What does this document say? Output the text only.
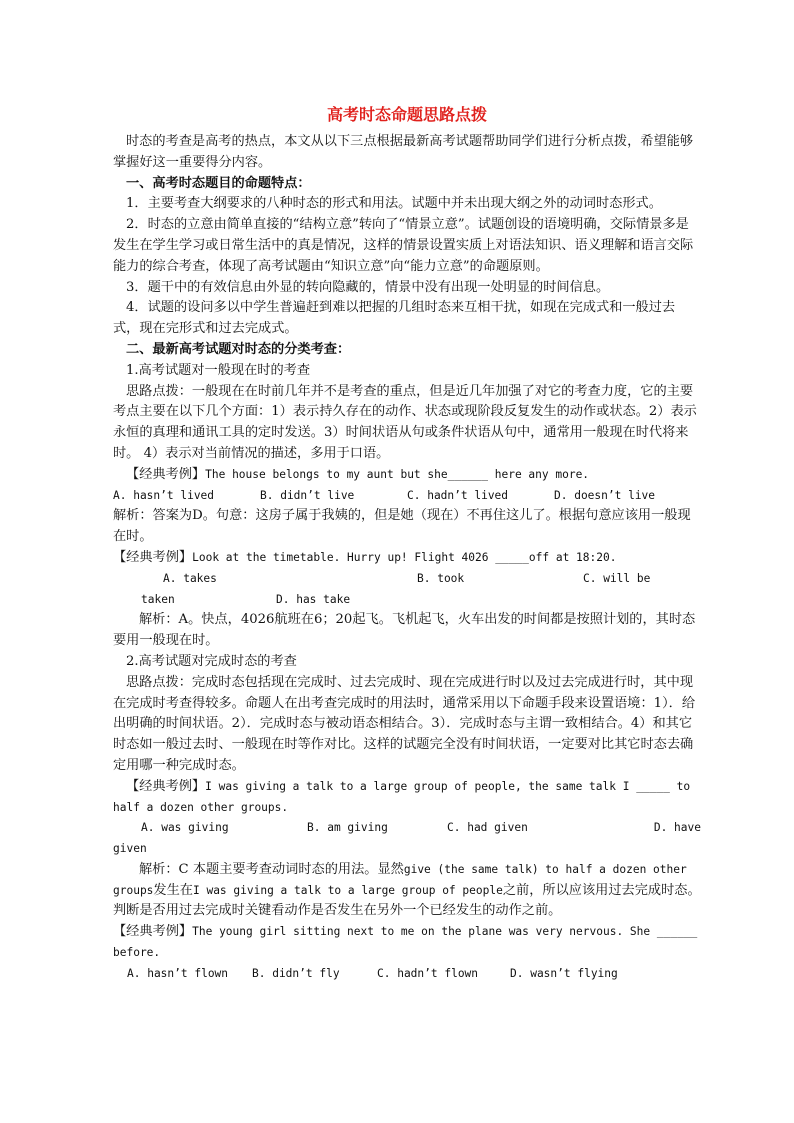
高考时态命题思路点拨

时态的考查是高考的热点，本文从以下三点根据最新高考试题帮助同学们进行分析点拨，希望能够掌握好这一重要得分内容。

一、高考时态题目的命题特点：

1．主要考查大纲要求的八种时态的形式和用法。试题中并未出现大纲之外的动词时态形式。

2．时态的立意由简单直接的“结构立意”转向了“情景立意”。试题创设的语境明确，交际情景多是发生在学生学习或日常生活中的真是情况，这样的情景设置实质上对语法知识、语义理解和语言交际能力的综合考查，体现了高考试题由“知识立意”向“能力立意”的命题原则。

3．题干中的有效信息由外显的转向隐藏的，情景中没有出现一处明显的时间信息。

4．试题的设问多以中学生普遍赶到难以把握的几组时态来互相干扰，如现在完成式和一般过去式，现在完形式和过去完成式。

二、最新高考试题对时态的分类考查：

1.高考试题对一般现在时的考查

思路点拨：一般现在在时前几年并不是考查的重点，但是近几年加强了对它的考查力度，它的主要考点主要在以下几个方面：1）表示持久存在的动作、状态或现阶段反复发生的动作或状态。2）表示永恒的真理和通讯工具的定时发送。3）时间状语从句或条件状语从句中，通常用一般现在时代将来时。 4）表示对当前情况的描述，多用于口语。

【经典考例】The house belongs to my aunt but she______ here any more.

A. hasn’t lived	B. didn’t live	C. hadn’t lived	D. doesn’t live

解析：答案为D。句意：这房子属于我姨的，但是她（现在）不再住这儿了。根据句意应该用一般现在时。

【经典考例】Look at the timetable. Hurry up! Flight 4026 _____off at 18:20.

A. takes	B. took	C. will be
taken	D. has take

解析：A。快点，4026航班在6；20起飞。飞机起飞，火车出发的时间都是按照计划的，其时态要用一般现在时。

2.高考试题对完成时态的考查

思路点拨：完成时态包括现在完成时、过去完成时、现在完成进行时以及过去完成进行时，其中现在完成时考查得较多。命题人在出考查完成时的用法时，通常采用以下命题手段来设置语境：1）．给出明确的时间状语。2）．完成时态与被动语态相结合。3）．完成时态与主谓一致相结合。4）和其它时态如一般过去时、一般现在时等作对比。这样的试题完全没有时间状语，一定要对比其它时态去确定用哪一种完成时态。

【经典考例】I was giving a talk to a large group of people, the same talk I _____ to half a dozen other groups.

A. was giving	B. am giving	C. had given	D. have
given

解析：C 本题主要考查动词时态的用法。显然give (the same talk) to half a dozen other groups发生在I was giving a talk to a large group of people之前，所以应该用过去完成时态。判断是否用过去完成时关键看动作是否发生在另外一个已经发生的动作之前。

【经典考例】The young girl sitting next to me on the plane was very nervous. She ______ before.

A. hasn’t flown	B. didn’t fly	C. hadn’t flown	D. wasn’t flying
